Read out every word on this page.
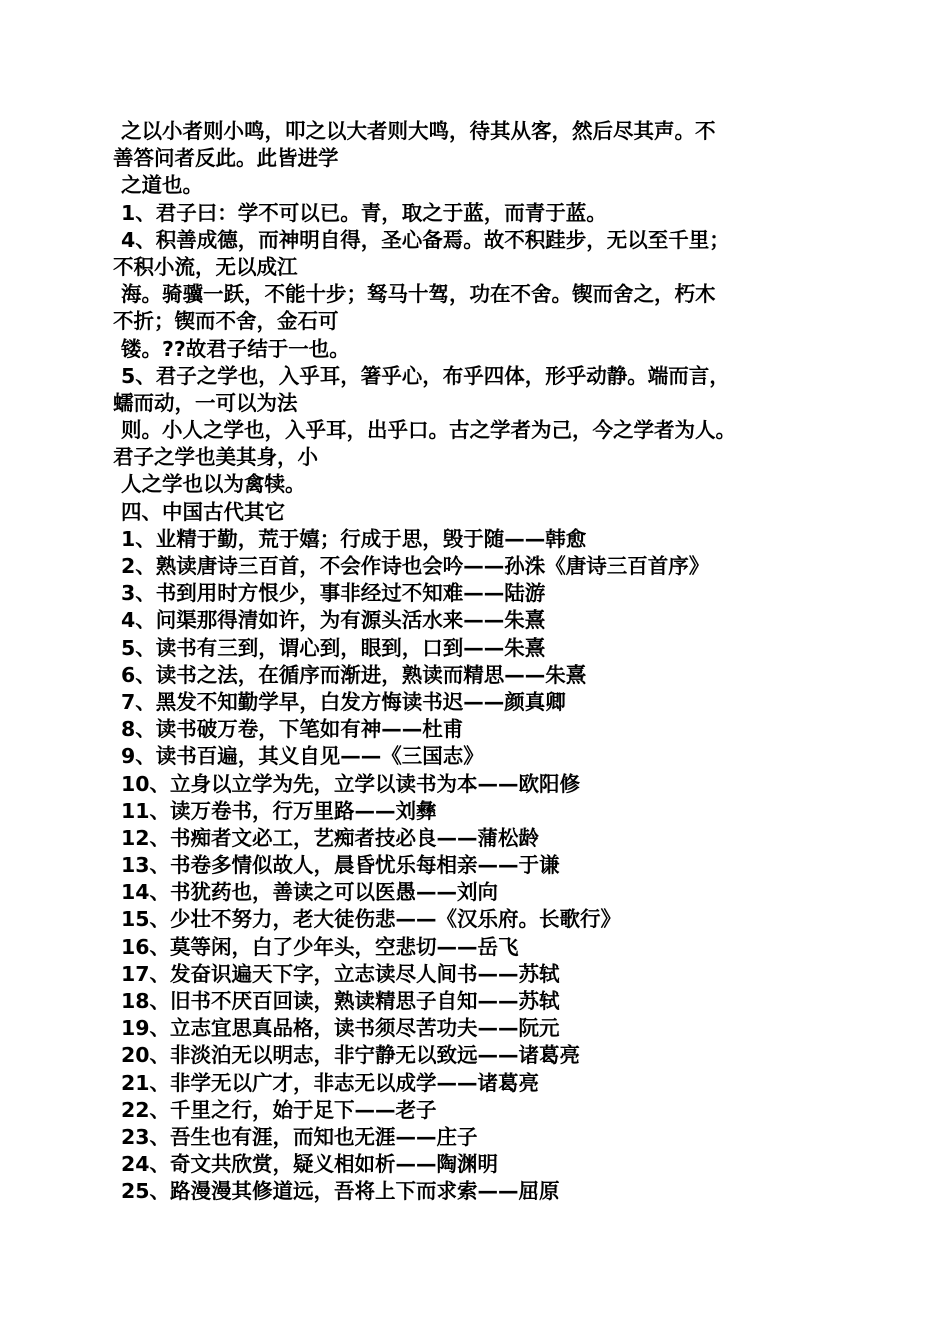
之以小者则小鸣，叩之以大者则大鸣，待其从客，然后尽其声。不
善答问者反此。此皆进学
之道也。
1、君子曰：学不可以已。青，取之于蓝，而青于蓝。
4、积善成德，而神明自得，圣心备焉。故不积跬步，无以至千里；
不积小流，无以成江
海。骑骥一跃，不能十步；驽马十驾，功在不舍。锲而舍之，朽木
不折；锲而不舍，金石可
镂。??故君子结于一也。
5、君子之学也，入乎耳，箸乎心，布乎四体，形乎动静。端而言，
蠕而动，一可以为法
则。小人之学也，入乎耳，出乎口。古之学者为己，今之学者为人。
君子之学也美其身，小
人之学也以为禽犊。
四、中国古代其它
1、业精于勤，荒于嬉；行成于思，毁于随——韩愈
2、熟读唐诗三百首，不会作诗也会吟——孙洙《唐诗三百首序》
3、书到用时方恨少，事非经过不知难——陆游
4、问渠那得清如许，为有源头活水来——朱熹
5、读书有三到，谓心到，眼到，口到——朱熹
6、读书之法，在循序而渐进，熟读而精思——朱熹
7、黑发不知勤学早，白发方悔读书迟——颜真卿
8、读书破万卷，下笔如有神——杜甫
9、读书百遍，其义自见——《三国志》
10、立身以立学为先，立学以读书为本——欧阳修
11、读万卷书，行万里路——刘彝
12、书痴者文必工，艺痴者技必良——蒲松龄
13、书卷多情似故人，晨昏忧乐每相亲——于谦
14、书犹药也，善读之可以医愚——刘向
15、少壮不努力，老大徒伤悲——《汉乐府。长歌行》
16、莫等闲，白了少年头，空悲切——岳飞
17、发奋识遍天下字，立志读尽人间书——苏轼
18、旧书不厌百回读，熟读精思子自知——苏轼
19、立志宜思真品格，读书须尽苦功夫——阮元
20、非淡泊无以明志，非宁静无以致远——诸葛亮
21、非学无以广才，非志无以成学——诸葛亮
22、千里之行，始于足下——老子
23、吾生也有涯，而知也无涯——庄子
24、奇文共欣赏，疑义相如析——陶渊明
25、路漫漫其修道远，吾将上下而求索——屈原
